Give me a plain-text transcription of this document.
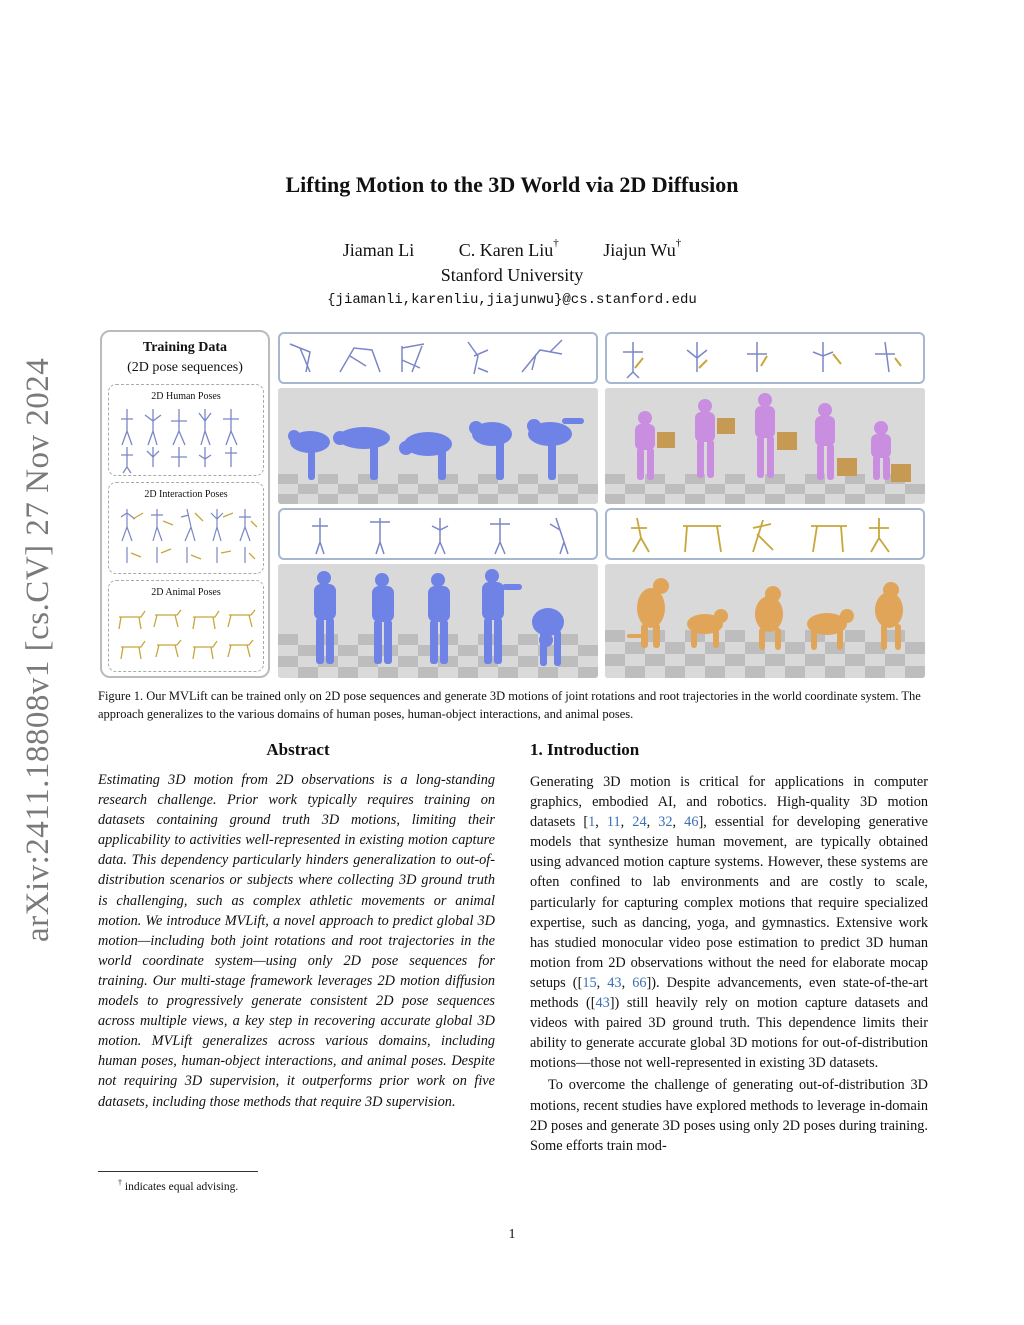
arXiv:2411.18808v1 [cs.CV] 27 Nov 2024
Lifting Motion to the 3D World via 2D Diffusion
Jiaman Li C. Karen Liu† Jiajun Wu†
Stanford University
{jiamanli,karenliu,jiajunwu}@cs.stanford.edu
Training Data
(2D pose sequences)
2D Human Poses
2D Interaction Poses
2D Animal Poses
Figure 1. Our MVLift can be trained only on 2D pose sequences and generate 3D motions of joint rotations and root trajectories in the world coordinate system. The approach generalizes to the various domains of human poses, human-object interactions, and animal poses.
Abstract
Estimating 3D motion from 2D observations is a long-standing research challenge. Prior work typically requires training on datasets containing ground truth 3D motions, limiting their applicability to activities well-represented in existing motion capture data. This dependency particularly hinders generalization to out-of-distribution scenarios or subjects where collecting 3D ground truth is challenging, such as complex athletic movements or animal motion. We introduce MVLift, a novel approach to predict global 3D motion—including both joint rotations and root trajectories in the world coordinate system—using only 2D pose sequences for training. Our multi-stage framework leverages 2D motion diffusion models to progressively generate consistent 2D pose sequences across multiple views, a key step in recovering accurate global 3D motion. MVLift generalizes across various domains, including human poses, human-object interactions, and animal poses. Despite not requiring 3D supervision, it outperforms prior work on five datasets, including those methods that require 3D supervision.
† indicates equal advising.
1. Introduction

Generating 3D motion is critical for applications in computer graphics, embodied AI, and robotics. High-quality 3D motion datasets [1, 11, 24, 32, 46], essential for developing generative models that synthesize human movement, are typically obtained using advanced motion capture systems. However, these systems are often confined to lab environments and are costly to scale, particularly for capturing complex motions that require specialized expertise, such as dancing, yoga, and gymnastics. Extensive work has studied monocular video pose estimation to predict 3D human motion from 2D observations without the need for elaborate mocap setups ([15, 43, 66]). Despite advancements, even state-of-the-art methods ([43]) still heavily rely on motion capture datasets and videos with paired 3D ground truth. This dependence limits their ability to generate accurate global 3D motions for out-of-distribution motions—those not well-represented in existing 3D datasets.

To overcome the challenge of generating out-of-distribution 3D motions, recent studies have explored methods to leverage in-domain 2D poses and generate 3D poses using only 2D poses during training. Some efforts train mod-

1
